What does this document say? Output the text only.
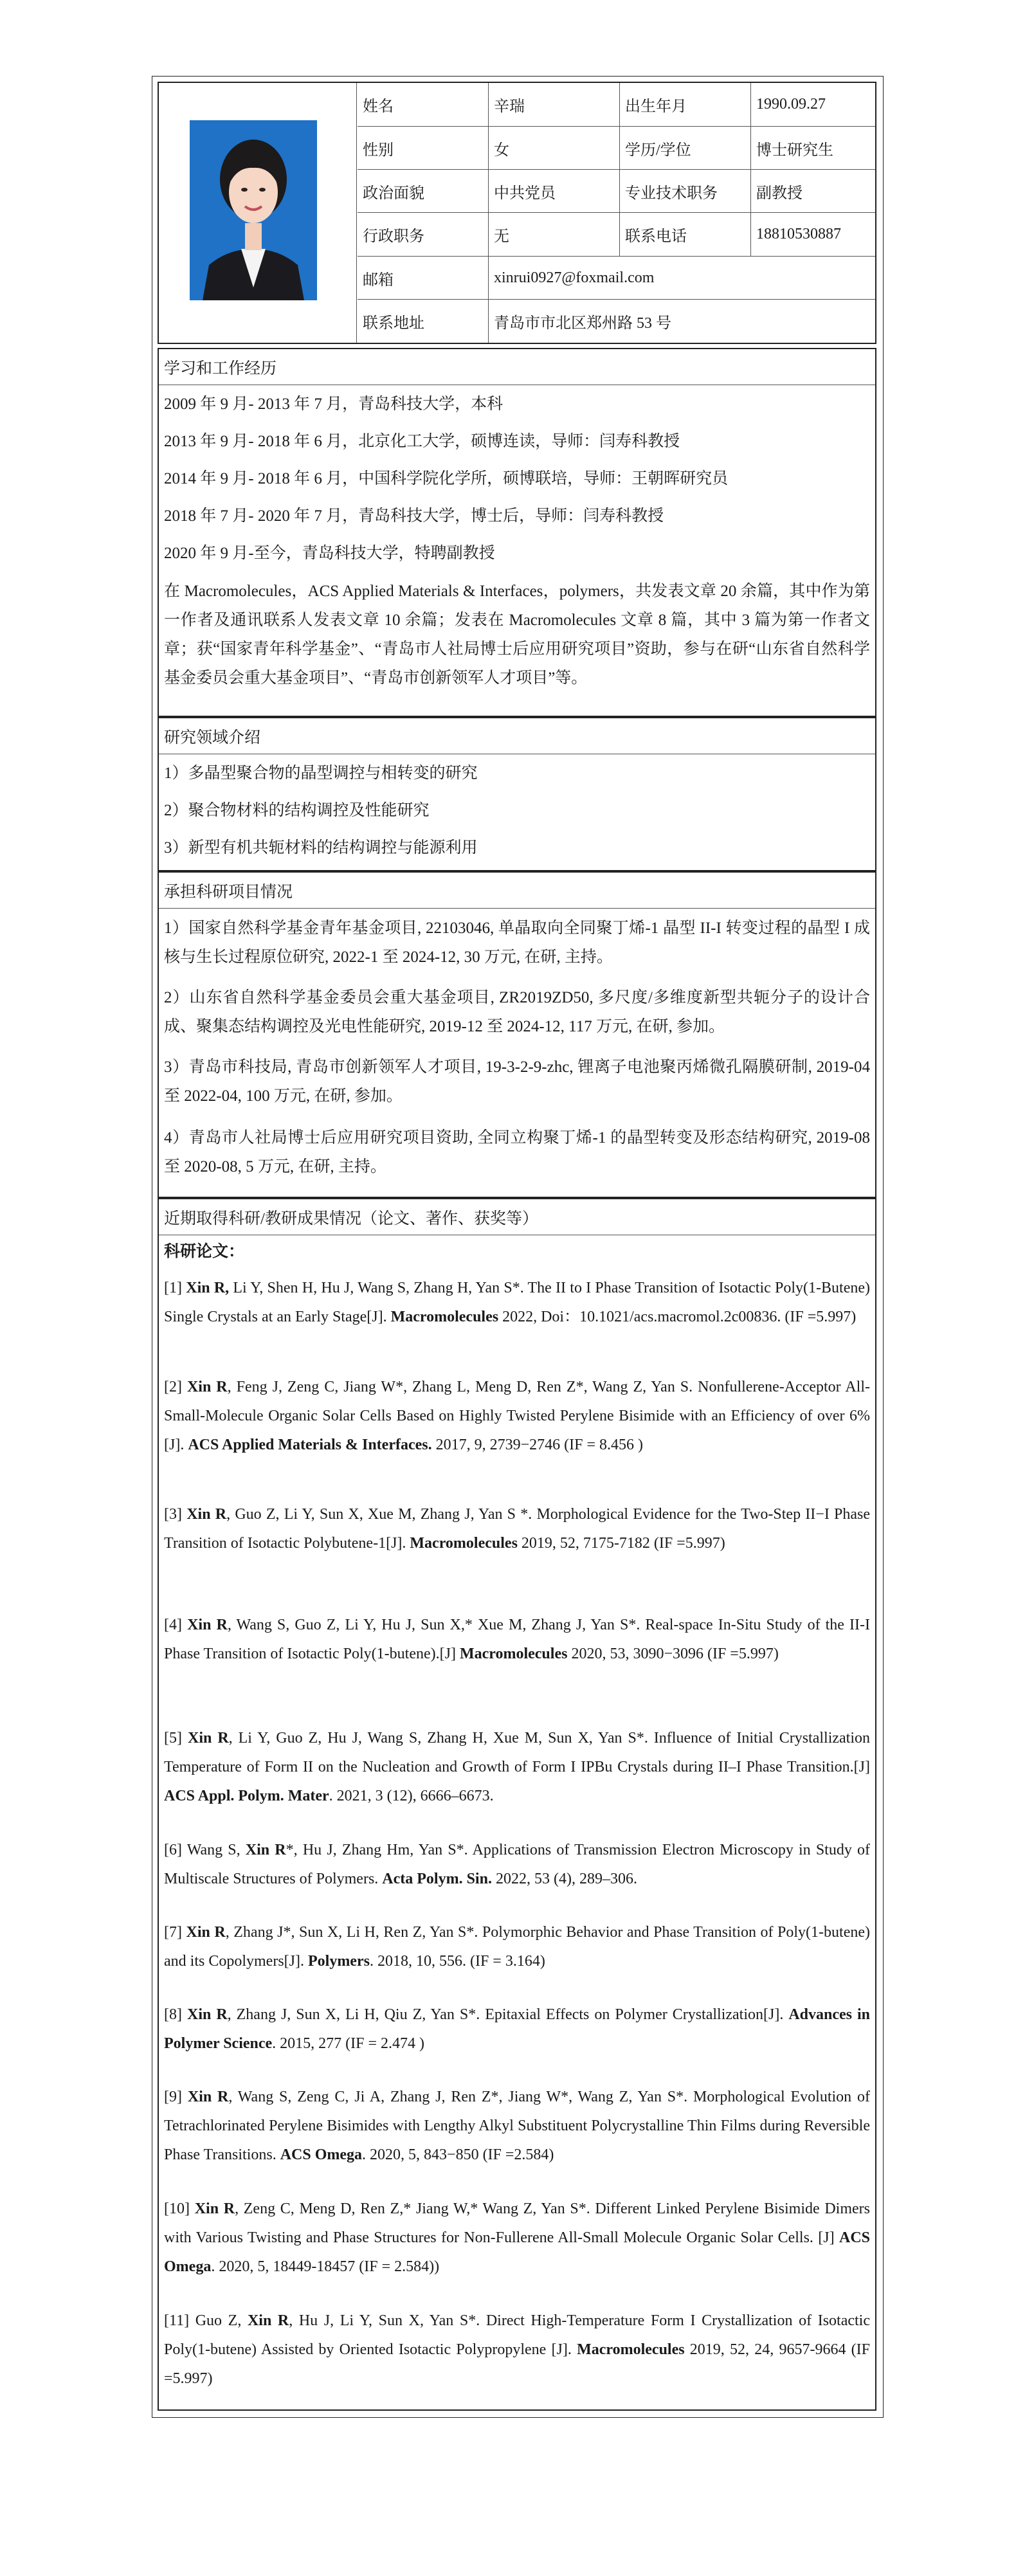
姓名	辛瑞	出生年月	1990.09.27
性别	女	学历/学位	博士研究生
政治面貌	中共党员	专业技术职务	副教授
行政职务	无	联系电话	18810530887
邮箱	xinrui0927@foxmail.com
联系地址	青岛市市北区郑州路 53 号
学习和工作经历
2009 年 9 月- 2013 年 7 月，青岛科技大学，本科
2013 年 9 月- 2018 年 6 月，北京化工大学，硕博连读，导师：闫寿科教授
2014 年 9 月- 2018 年 6 月，中国科学院化学所，硕博联培，导师：王朝晖研究员
2018 年 7 月- 2020 年 7 月，青岛科技大学，博士后，导师：闫寿科教授
2020 年 9 月-至今，青岛科技大学，特聘副教授
在 Macromolecules，ACS Applied Materials & Interfaces，polymers，共发表文章 20 余篇，其中作为第一作者及通讯联系人发表文章 10 余篇；发表在 Macromolecules 文章 8 篇，其中 3 篇为第一作者文章；获“国家青年科学基金”、“青岛市人社局博士后应用研究项目”资助，参与在研“山东省自然科学基金委员会重大基金项目”、“青岛市创新领军人才项目”等。
研究领域介绍
1）多晶型聚合物的晶型调控与相转变的研究
2）聚合物材料的结构调控及性能研究
3）新型有机共轭材料的结构调控与能源利用
承担科研项目情况
1）国家自然科学基金青年基金项目, 22103046, 单晶取向全同聚丁烯-1 晶型 II-I 转变过程的晶型 I 成核与生长过程原位研究, 2022-1 至 2024-12, 30 万元, 在研, 主持。
2）山东省自然科学基金委员会重大基金项目, ZR2019ZD50, 多尺度/多维度新型共轭分子的设计合成、聚集态结构调控及光电性能研究, 2019-12 至 2024-12, 117 万元, 在研, 参加。
3）青岛市科技局, 青岛市创新领军人才项目, 19-3-2-9-zhc, 锂离子电池聚丙烯微孔隔膜研制, 2019-04 至 2022-04, 100 万元, 在研, 参加。
4）青岛市人社局博士后应用研究项目资助, 全同立构聚丁烯-1 的晶型转变及形态结构研究, 2019-08 至 2020-08, 5 万元, 在研, 主持。
近期取得科研/教研成果情况（论文、著作、获奖等）
科研论文：
[1] Xin R, Li Y, Shen H, Hu J, Wang S, Zhang H, Yan S*. The II to I Phase Transition of Isotactic Poly(1-Butene) Single Crystals at an Early Stage[J]. Macromolecules 2022, Doi：10.1021/acs.macromol.2c00836. (IF =5.997)
[2] Xin R, Feng J, Zeng C, Jiang W*, Zhang L, Meng D, Ren Z*, Wang Z, Yan S. Nonfullerene-Acceptor All-Small-Molecule Organic Solar Cells Based on Highly Twisted Perylene Bisimide with an Efficiency of over 6%[J]. ACS Applied Materials & Interfaces. 2017, 9, 2739−2746 (IF = 8.456 )
[3] Xin R, Guo Z, Li Y, Sun X, Xue M, Zhang J, Yan S *. Morphological Evidence for the Two-Step II−I Phase Transition of Isotactic Polybutene-1[J]. Macromolecules 2019, 52, 7175-7182 (IF =5.997)
[4] Xin R, Wang S, Guo Z, Li Y, Hu J, Sun X,* Xue M, Zhang J, Yan S*. Real-space In-Situ Study of the II-I Phase Transition of Isotactic Poly(1-butene).[J] Macromolecules 2020, 53, 3090−3096 (IF =5.997)
[5] Xin R, Li Y, Guo Z, Hu J, Wang S, Zhang H, Xue M, Sun X, Yan S*. Influence of Initial Crystallization Temperature of Form II on the Nucleation and Growth of Form I IPBu Crystals during II–I Phase Transition.[J] ACS Appl. Polym. Mater. 2021, 3 (12), 6666–6673.
[6] Wang S, Xin R*, Hu J, Zhang Hm, Yan S*. Applications of Transmission Electron Microscopy in Study of Multiscale Structures of Polymers. Acta Polym. Sin. 2022, 53 (4), 289–306.
[7] Xin R, Zhang J*, Sun X, Li H, Ren Z, Yan S*. Polymorphic Behavior and Phase Transition of Poly(1-butene) and its Copolymers[J]. Polymers. 2018, 10, 556. (IF = 3.164)
[8] Xin R, Zhang J, Sun X, Li H, Qiu Z, Yan S*. Epitaxial Effects on Polymer Crystallization[J]. Advances in Polymer Science. 2015, 277 (IF = 2.474 )
[9] Xin R, Wang S, Zeng C, Ji A, Zhang J, Ren Z*, Jiang W*, Wang Z, Yan S*. Morphological Evolution of Tetrachlorinated Perylene Bisimides with Lengthy Alkyl Substituent Polycrystalline Thin Films during Reversible Phase Transitions. ACS Omega. 2020, 5, 843−850 (IF =2.584)
[10] Xin R, Zeng C, Meng D, Ren Z,* Jiang W,* Wang Z, Yan S*. Different Linked Perylene Bisimide Dimers with Various Twisting and Phase Structures for Non-Fullerene All-Small Molecule Organic Solar Cells. [J] ACS Omega. 2020, 5, 18449-18457 (IF = 2.584))
[11] Guo Z, Xin R, Hu J, Li Y, Sun X, Yan S*. Direct High-Temperature Form I Crystallization of Isotactic Poly(1-butene) Assisted by Oriented Isotactic Polypropylene [J]. Macromolecules 2019, 52, 24, 9657-9664 (IF =5.997)
